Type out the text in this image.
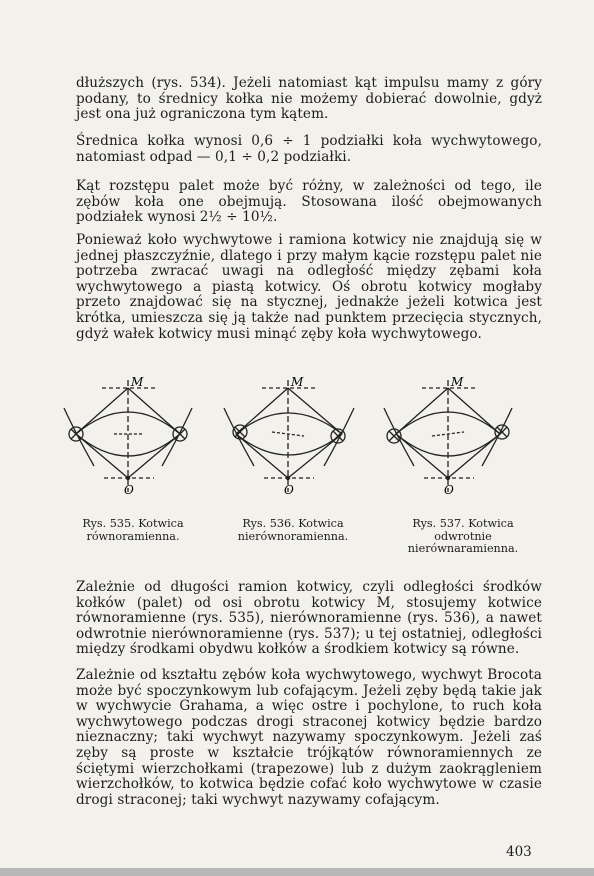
dłuższych (rys. 534). Jeżeli natomiast kąt impulsu mamy z góry podany, to średnicy kołka nie możemy dobierać dowolnie, gdyż jest ona już ograniczona tym kątem.

Średnica kołka wynosi 0,6 ÷ 1 podziałki koła wychwytowego, natomiast odpad — 0,1 ÷ 0,2 podziałki.

Kąt rozstępu palet może być różny, w zależności od tego, ile zębów koła one obejmują. Stosowana ilość obejmowanych podziałek wynosi 2½ ÷ 10½.

Ponieważ koło wychwytowe i ramiona kotwicy nie znajdują się w jednej płaszczyźnie, dlatego i przy małym kącie rozstępu palet nie potrzeba zwracać uwagi na odległość między zębami koła wychwytowego a piastą kotwicy. Oś obrotu kotwicy mogłaby przeto znajdować się na stycznej, jednakże jeżeli kotwica jest krótka, umieszcza się ją także nad punktem przecięcia stycznych, gdyż wałek kotwicy musi minąć zęby koła wychwytowego.

M
O
Rys. 535. Kotwica równoramienna.
M
O
Rys. 536. Kotwica nierównoramienna.
M
O
Rys. 537. Kotwica odwrotnie nierównaramienna.

Zależnie od długości ramion kotwicy, czyli odległości środków kołków (palet) od osi obrotu kotwicy M, stosujemy kotwice równoramienne (rys. 535), nierównoramienne (rys. 536), a nawet odwrotnie nierównoramienne (rys. 537); u tej ostatniej, odległości między środkami obydwu kołków a środkiem kotwicy są równe.

Zależnie od kształtu zębów koła wychwytowego, wychwyt Brocota może być spoczynkowym lub cofającym. Jeżeli zęby będą takie jak w wychwycie Grahama, a więc ostre i pochylone, to ruch koła wychwytowego podczas drogi straconej kotwicy będzie bardzo nieznaczny; taki wychwyt nazywamy spoczynkowym. Jeżeli zaś zęby są proste w kształcie trójkątów równoramiennych ze ściętymi wierzchołkami (trapezowe) lub z dużym zaokrągleniem wierzchołków, to kotwica będzie cofać koło wychwytowe w czasie drogi straconej; taki wychwyt nazywamy cofającym.

403
